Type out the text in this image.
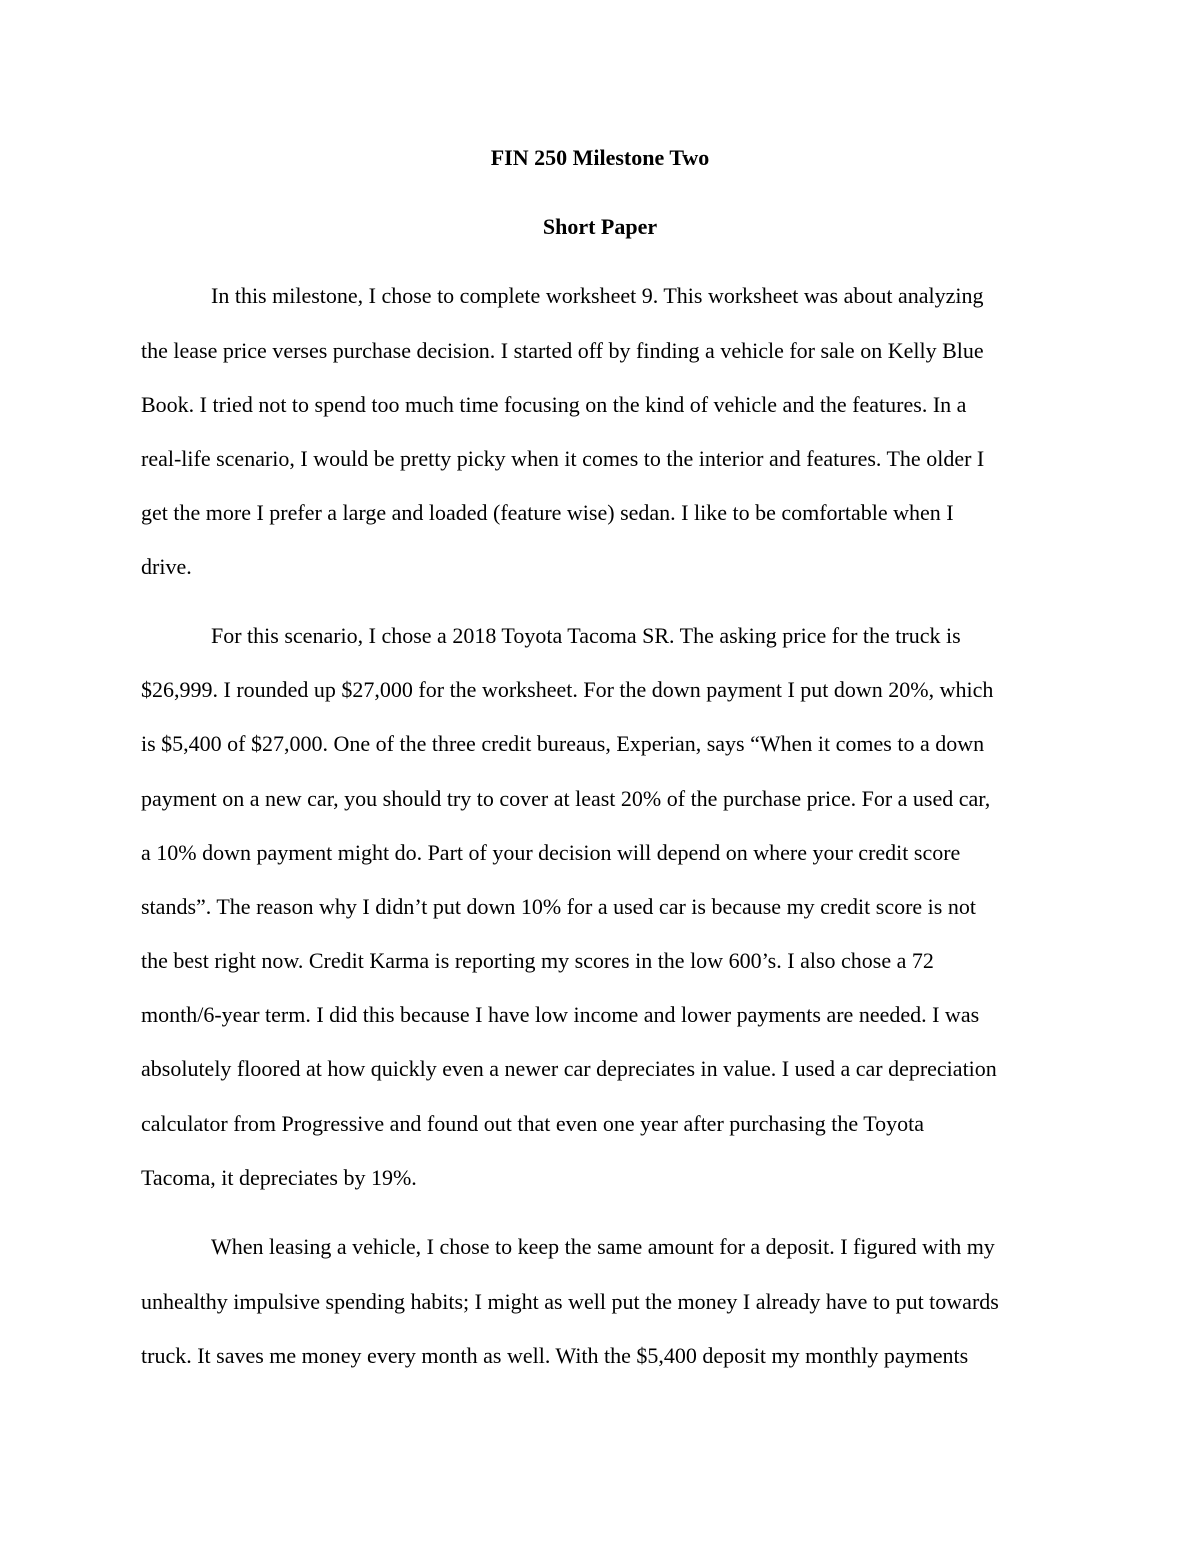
FIN 250 Milestone Two
Short Paper
In this milestone, I chose to complete worksheet 9. This worksheet was about analyzing
the lease price verses purchase decision. I started off by finding a vehicle for sale on Kelly Blue
Book. I tried not to spend too much time focusing on the kind of vehicle and the features. In a
real-life scenario, I would be pretty picky when it comes to the interior and features. The older I
get the more I prefer a large and loaded (feature wise) sedan. I like to be comfortable when I
drive.
For this scenario, I chose a 2018 Toyota Tacoma SR. The asking price for the truck is
$26,999. I rounded up $27,000 for the worksheet. For the down payment I put down 20%, which
is $5,400 of $27,000. One of the three credit bureaus, Experian, says “When it comes to a down
payment on a new car, you should try to cover at least 20% of the purchase price. For a used car,
a 10% down payment might do. Part of your decision will depend on where your credit score
stands”. The reason why I didn’t put down 10% for a used car is because my credit score is not
the best right now. Credit Karma is reporting my scores in the low 600’s. I also chose a 72
month/6-year term. I did this because I have low income and lower payments are needed. I was
absolutely floored at how quickly even a newer car depreciates in value. I used a car depreciation
calculator from Progressive and found out that even one year after purchasing the Toyota
Tacoma, it depreciates by 19%.
When leasing a vehicle, I chose to keep the same amount for a deposit. I figured with my
unhealthy impulsive spending habits; I might as well put the money I already have to put towards
truck. It saves me money every month as well. With the $5,400 deposit my monthly payments
